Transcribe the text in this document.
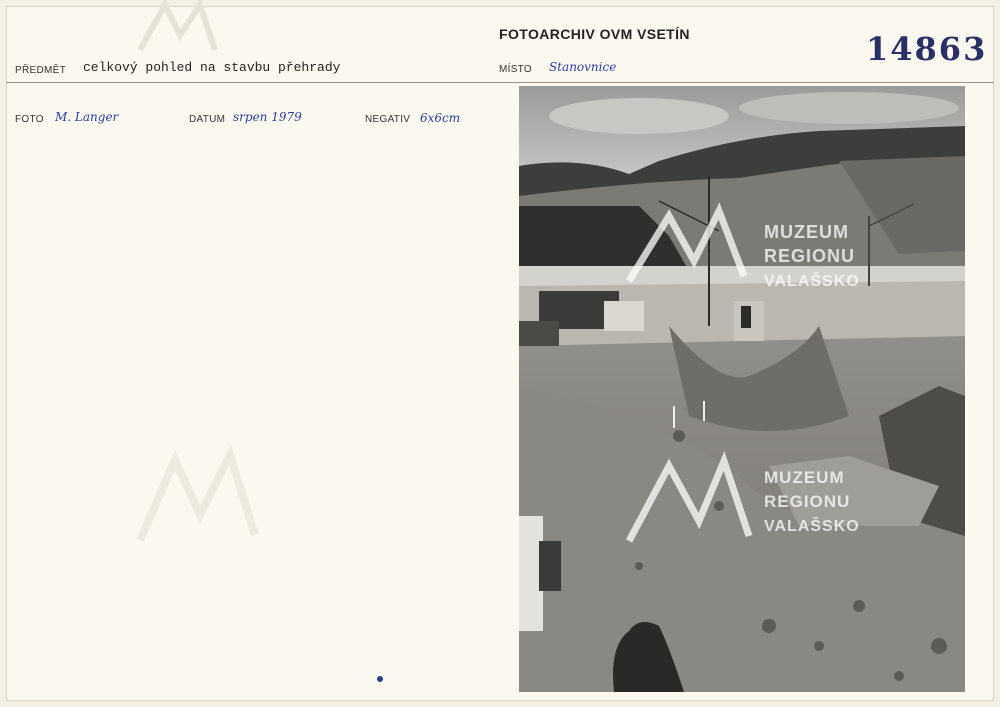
FOTOARCHIV OVM VSETÍN	14863
PŘEDMĚT celkový pohled na stavbu přehrady	MÍSTO Stanovnice
FOTO M. Langer	DATUM srpen 1979	NEGATIV 6x6cm
MUZEUM
REGIONU
VALAŠSKO
MUZEUM
REGIONU
VALAŠSKO
